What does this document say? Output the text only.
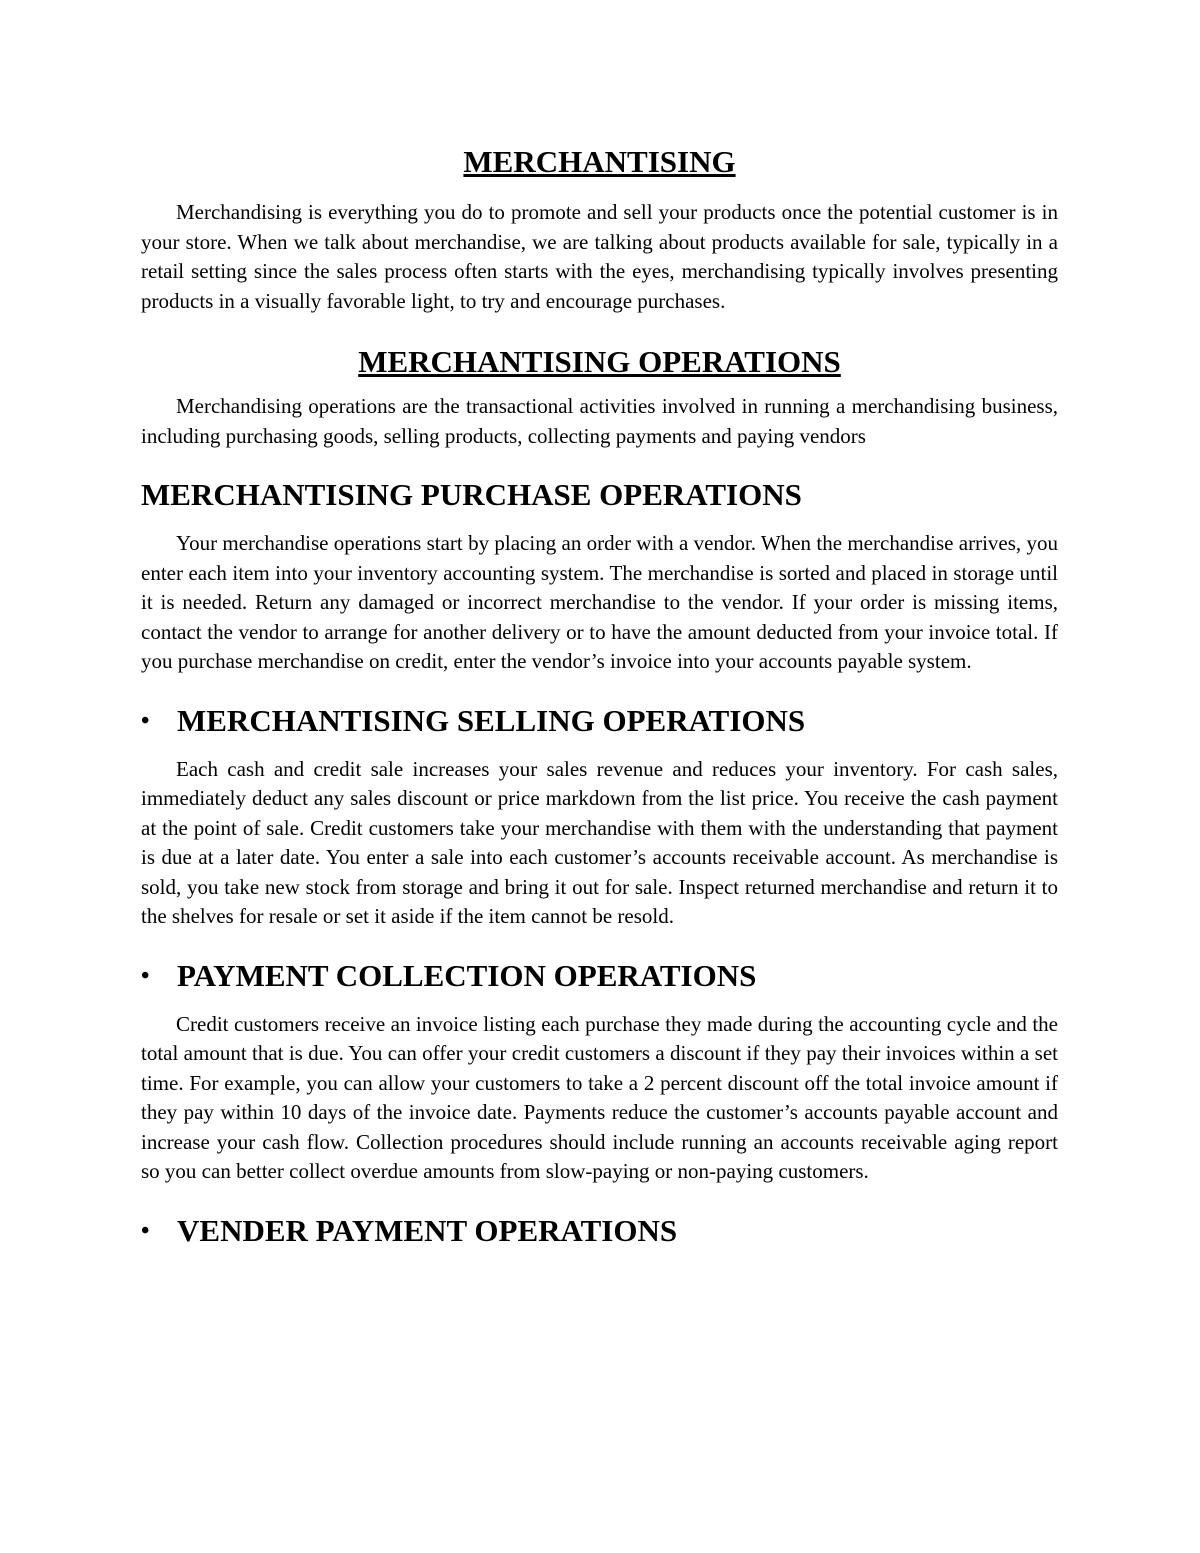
MERCHANTISING

Merchandising is everything you do to promote and sell your products once the potential customer is in your store. When we talk about merchandise, we are talking about products available for sale, typically in a retail setting since the sales process often starts with the eyes, merchandising typically involves presenting products in a visually favorable light, to try and encourage purchases.

MERCHANTISING OPERATIONS

Merchandising operations are the transactional activities involved in running a merchandising business, including purchasing goods, selling products, collecting payments and paying vendors

MERCHANTISING PURCHASE OPERATIONS

Your merchandise operations start by placing an order with a vendor. When the merchandise arrives, you enter each item into your inventory accounting system. The merchandise is sorted and placed in storage until it is needed. Return any damaged or incorrect merchandise to the vendor. If your order is missing items, contact the vendor to arrange for another delivery or to have the amount deducted from your invoice total. If you purchase merchandise on credit, enter the vendor’s invoice into your accounts payable system.

• MERCHANTISING SELLING OPERATIONS

Each cash and credit sale increases your sales revenue and reduces your inventory. For cash sales, immediately deduct any sales discount or price markdown from the list price. You receive the cash payment at the point of sale. Credit customers take your merchandise with them with the understanding that payment is due at a later date. You enter a sale into each customer’s accounts receivable account. As merchandise is sold, you take new stock from storage and bring it out for sale. Inspect returned merchandise and return it to the shelves for resale or set it aside if the item cannot be resold.

• PAYMENT COLLECTION OPERATIONS

Credit customers receive an invoice listing each purchase they made during the accounting cycle and the total amount that is due. You can offer your credit customers a discount if they pay their invoices within a set time. For example, you can allow your customers to take a 2 percent discount off the total invoice amount if they pay within 10 days of the invoice date. Payments reduce the customer’s accounts payable account and increase your cash flow. Collection procedures should include running an accounts receivable aging report so you can better collect overdue amounts from slow-paying or non-paying customers.

• VENDER PAYMENT OPERATIONS
